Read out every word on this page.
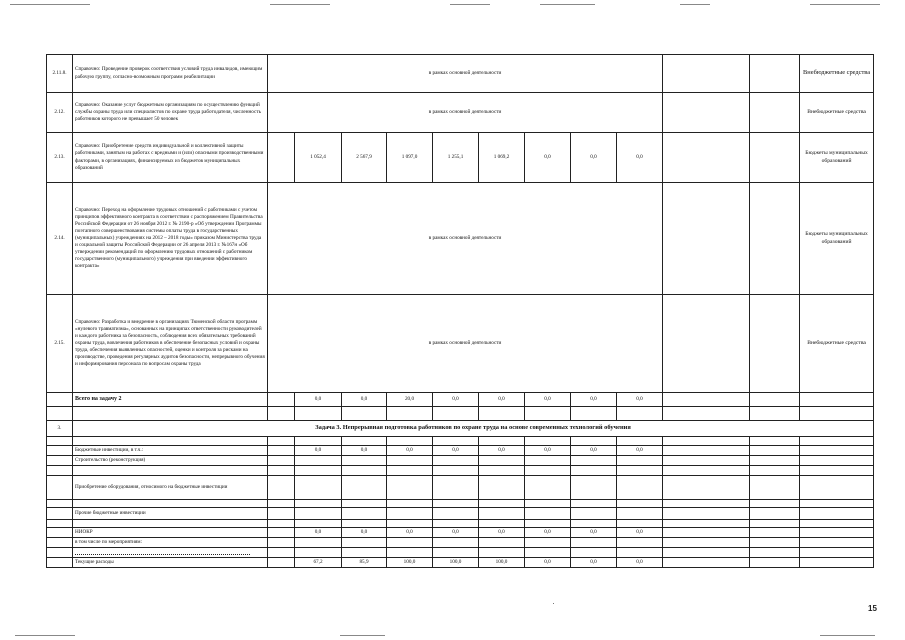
2.11.8.	Справочно: Проведение проверок соответствия условий труда инвалидов, имеющим рабочую группу, согласно-возможным программ реабилитации	в рамках основной деятельности											Внебюджетные средства
2.12.	Справочно: Оказание услуг бюджетным организациям по осуществлению функций службы охраны труда или специалистов по охране труда работодателя, численность работников которого не превышает 50 человек	в рамках основной деятельности											Внебюджетные средства
2.13.	Справочно: Приобретение средств индивидуальной и коллективной защиты работниками, занятым на работах с вредными и (или) опасными производственными факторами, в организациях, финансируемых из бюджетов муниципальных образований		1 052,4	2 567,9	1 097,0	1 255,1	1 069,2	0,0	0,0	0,0			Бюджеты муниципальных образований
2.14.	Справочно: Переход на оформление трудовых отношений с работниками с учетом принципов эффективного контракта в соответствии с распоряжением Правительства Российской Федерации от 26 ноября 2012 г. № 2190-р «Об утверждении Программы поэтапного совершенствования системы оплаты труда в государственных (муниципальных) учреждениях на 2012 – 2018 годы» приказом Министерства труда и социальной защиты Российской Федерации от 26 апреля 2013 г. №167н «Об утверждении рекомендаций по оформлению трудовых отношений с работником государственного (муниципального) учреждения при введении эффективного контракта»	в рамках основной деятельности											Бюджеты муниципальных образований
2.15.	Справочно: Разработка и внедрение в организациях Тюменской области программ «нулевого травматизма», основанных на принципах ответственности руководителей и каждого работника за безопасность, соблюдения всех обязательных требований охраны труда, вовлечения работников в обеспечение безопасных условий и охраны труда, обеспечения выявленных опасностей, оценки и контроля за рисками на производстве, проведения регулярных аудитов безопасности, непрерывного обучения и информирования персонала по вопросам охраны труда	в рамках основной деятельности											Внебюджетные средства
	Всего на задачу 2		0,0	0,0	20,0	0,0	0,0	0,0	0,0	0,0			

3.	Задача 3. Непрерывная подготовка работников по охране труда на основе современных технологий обучения												

	Бюджетные инвестиции, в т.ч.:		0,0	0,0	0,0	0,0	0,0	0,0	0,0	0,0			
	Строительство (реконструкция)												

	Приобретение оборудования, относимого на бюджетные инвестиции												

	Прочие бюджетные инвестиции												

	НИОКР		0,0	0,0	0,0	0,0	0,0	0,0	0,0	0,0			
	в том числе по мероприятиям:												

	Текущие расходы		67,2	85,9	100,0	100,0	100,0	0,0	0,0	0,0			
15
